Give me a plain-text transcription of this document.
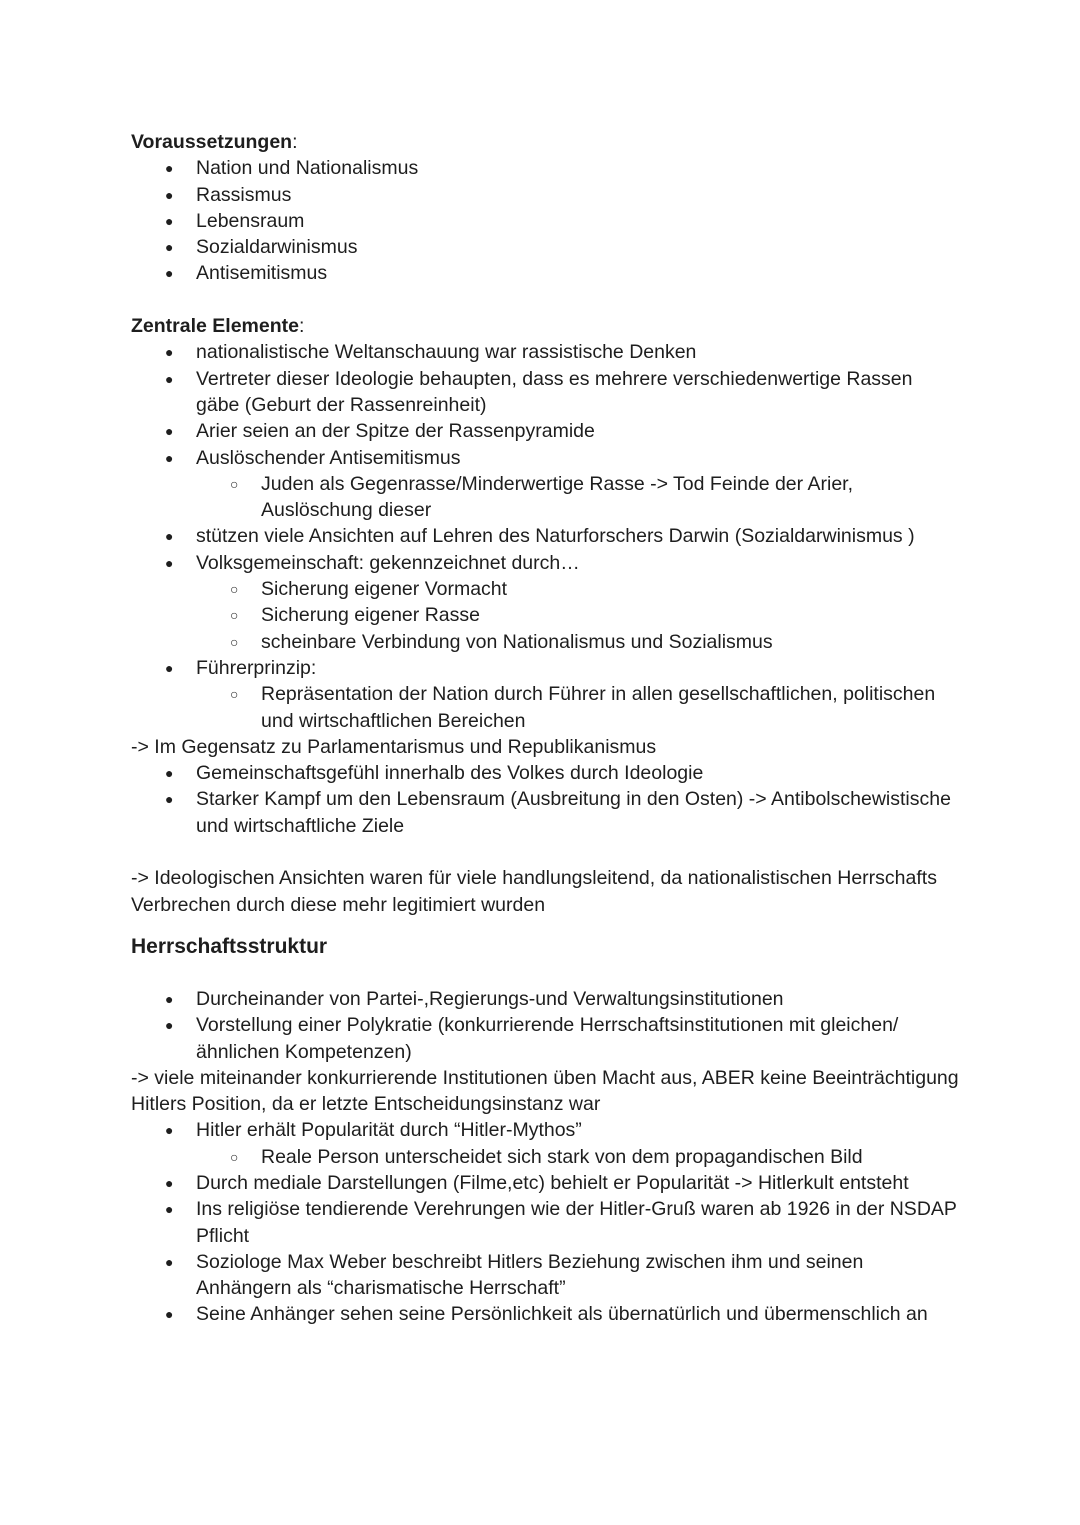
Voraussetzungen:

● Nation und Nationalismus
● Rassismus
● Lebensraum
● Sozialdarwinismus
● Antisemitismus

Zentrale Elemente:

● nationalistische Weltanschauung war rassistische Denken
● Vertreter dieser Ideologie behaupten, dass es mehrere verschiedenwertige Rassen gäbe (Geburt der Rassenreinheit)
● Arier seien an der Spitze der Rassenpyramide
● Auslöschender Antisemitismus
○ Juden als Gegenrasse/Minderwertige Rasse -> Tod Feinde der Arier, Auslöschung dieser
● stützen viele Ansichten auf Lehren des Naturforschers Darwin (Sozialdarwinismus )
● Volksgemeinschaft: gekennzeichnet durch…
○ Sicherung eigener Vormacht
○ Sicherung eigener Rasse
○ scheinbare Verbindung von Nationalismus und Sozialismus
● Führerprinzip:
○ Repräsentation der Nation durch Führer in allen gesellschaftlichen, politischen und wirtschaftlichen Bereichen

-> Im Gegensatz zu Parlamentarismus und Republikanismus

● Gemeinschaftsgefühl innerhalb des Volkes durch Ideologie
● Starker Kampf um den Lebensraum (Ausbreitung in den Osten) -> Antibolschewistische und wirtschaftliche Ziele

-> Ideologischen Ansichten waren für viele handlungsleitend, da nationalistischen Herrschafts Verbrechen durch diese mehr legitimiert wurden

Herrschaftsstruktur

● Durcheinander von Partei-,Regierungs-und Verwaltungsinstitutionen
● Vorstellung einer Polykratie (konkurrierende Herrschaftsinstitutionen mit gleichen/ähnlichen Kompetenzen)

-> viele miteinander konkurrierende Institutionen üben Macht aus, ABER keine Beeinträchtigung Hitlers Position, da er letzte Entscheidungsinstanz war

● Hitler erhält Popularität durch “Hitler-Mythos”
○ Reale Person unterscheidet sich stark von dem propagandischen Bild
● Durch mediale Darstellungen (Filme,etc) behielt er Popularität -> Hitlerkult entsteht
● Ins religiöse tendierende Verehrungen wie der Hitler-Gruß waren ab 1926 in der NSDAP Pflicht
● Soziologe Max Weber beschreibt Hitlers Beziehung zwischen ihm und seinen Anhängern als “charismatische Herrschaft”
● Seine Anhänger sehen seine Persönlichkeit als übernatürlich und übermenschlich an
